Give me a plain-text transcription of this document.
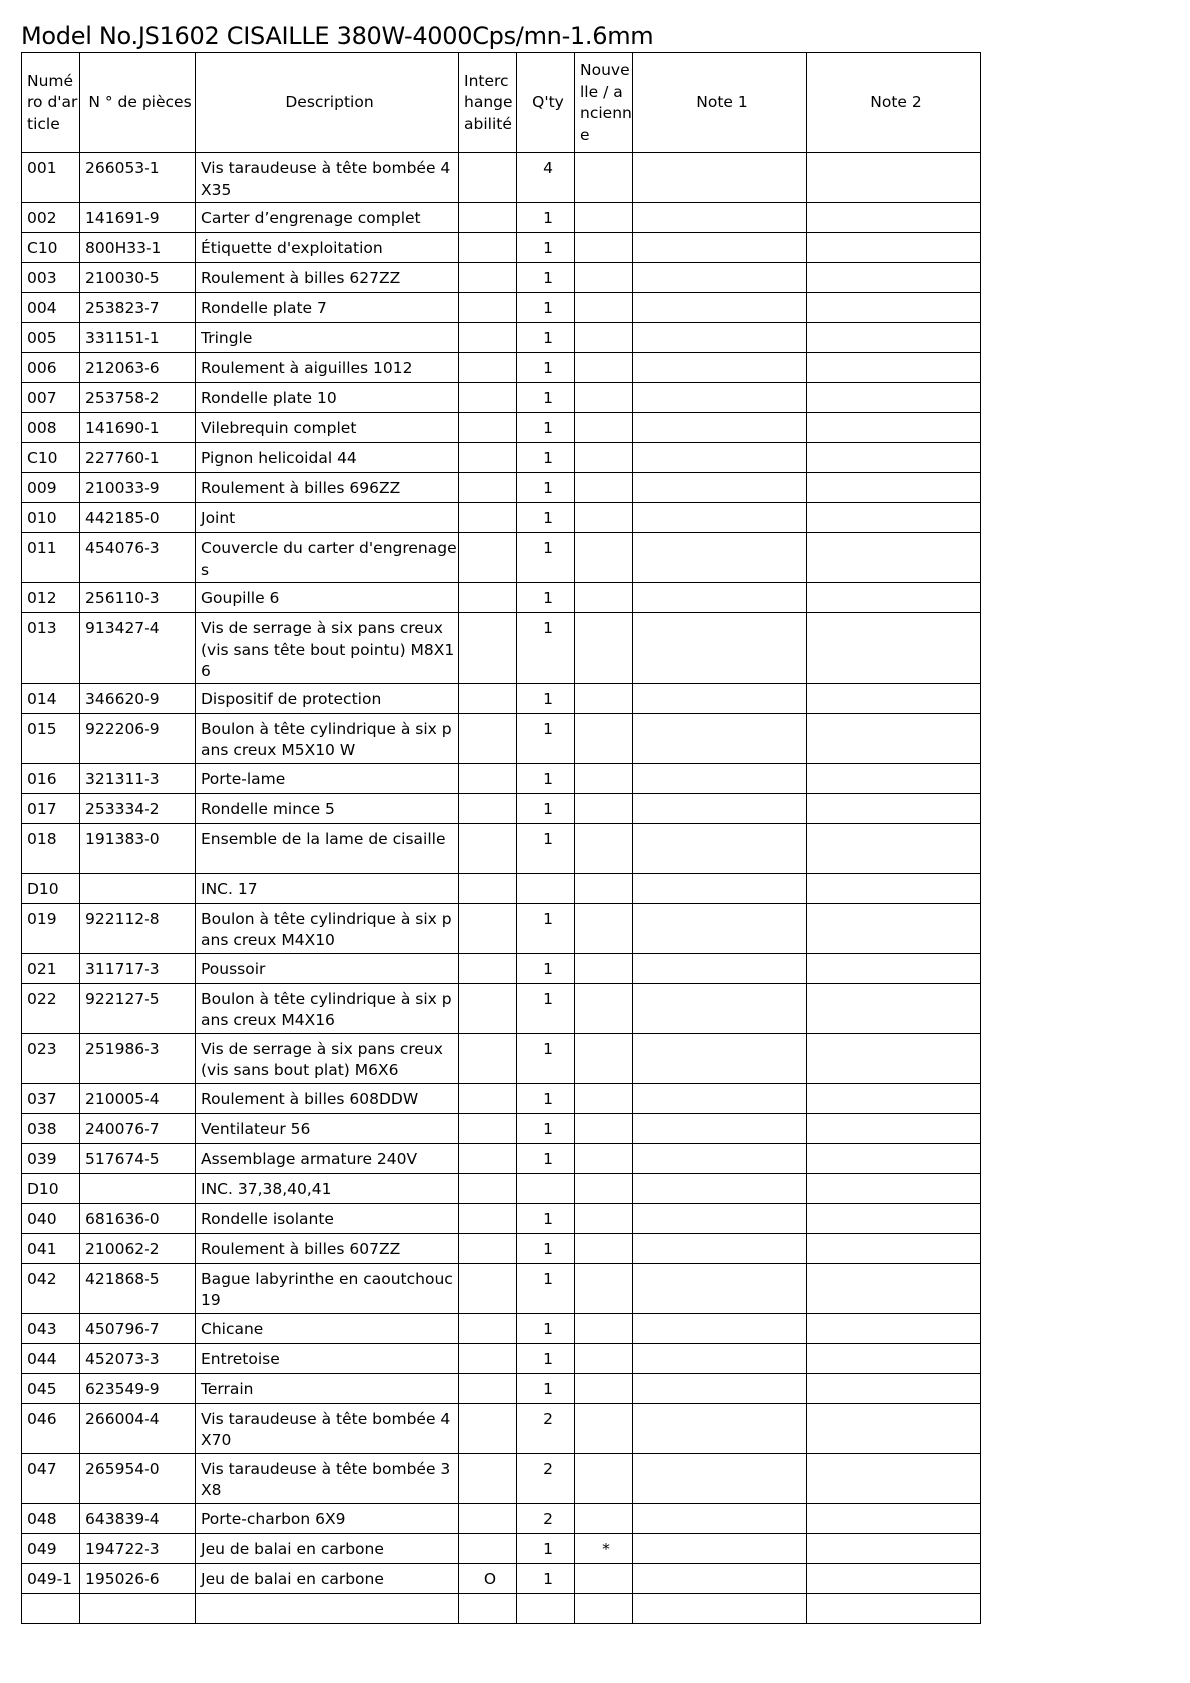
Model No.JS1602 CISAILLE 380W-4000Cps/mn-1.6mm
Numéro d'article	N ° de pièces	Description	Interchangeabilité	Q'ty	Nouvelle / ancienne	Note 1	Note 2
001	266053-1	Vis taraudeuse à tête bombée 4X35		4			
002	141691-9	Carter d’engrenage complet		1			
C10	800H33-1	Étiquette d'exploitation		1			
003	210030-5	Roulement à billes 627ZZ		1			
004	253823-7	Rondelle plate 7		1			
005	331151-1	Tringle		1			
006	212063-6	Roulement à aiguilles 1012		1			
007	253758-2	Rondelle plate 10		1			
008	141690-1	Vilebrequin complet		1			
C10	227760-1	Pignon helicoidal 44		1			
009	210033-9	Roulement à billes 696ZZ		1			
010	442185-0	Joint		1			
011	454076-3	Couvercle du carter d'engrenages		1			
012	256110-3	Goupille 6		1			
013	913427-4	Vis de serrage à six pans creux (vis sans tête bout pointu) M8X16		1			
014	346620-9	Dispositif de protection		1			
015	922206-9	Boulon à tête cylindrique à six pans creux M5X10 W		1			
016	321311-3	Porte-lame		1			
017	253334-2	Rondelle mince 5		1			
018	191383-0	Ensemble de la lame de cisaille		1			
D10		INC. 17					
019	922112-8	Boulon à tête cylindrique à six pans creux M4X10		1			
021	311717-3	Poussoir		1			
022	922127-5	Boulon à tête cylindrique à six pans creux M4X16		1			
023	251986-3	Vis de serrage à six pans creux (vis sans bout plat) M6X6		1			
037	210005-4	Roulement à billes 608DDW		1			
038	240076-7	Ventilateur 56		1			
039	517674-5	Assemblage armature 240V		1			
D10		INC. 37,38,40,41					
040	681636-0	Rondelle isolante		1			
041	210062-2	Roulement à billes 607ZZ		1			
042	421868-5	Bague labyrinthe en caoutchouc 19		1			
043	450796-7	Chicane		1			
044	452073-3	Entretoise		1			
045	623549-9	Terrain		1			
046	266004-4	Vis taraudeuse à tête bombée 4X70		2			
047	265954-0	Vis taraudeuse à tête bombée 3X8		2			
048	643839-4	Porte-charbon 6X9		2			
049	194722-3	Jeu de balai en carbone		1	*		
049-1	195026-6	Jeu de balai en carbone	O	1			
